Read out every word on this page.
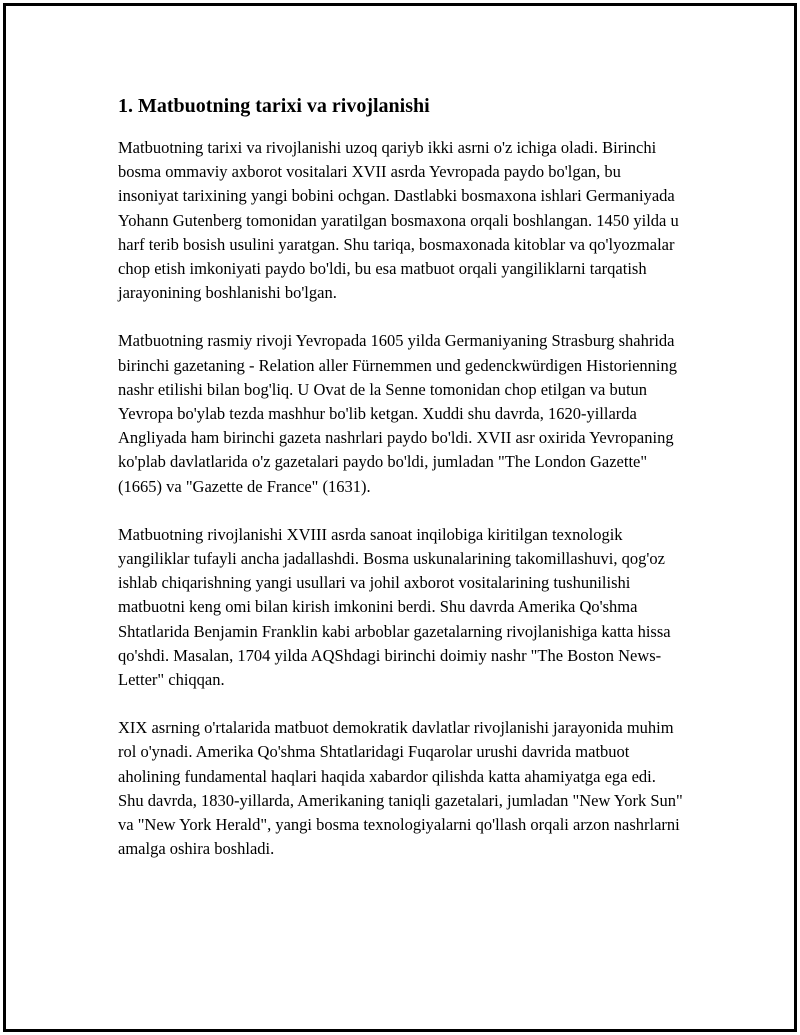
1. Matbuotning tarixi va rivojlanishi

Matbuotning tarixi va rivojlanishi uzoq qariyb ikki asrni o'z ichiga oladi. Birinchi bosma ommaviy axborot vositalari XVII asrda Yevropada paydo bo'lgan, bu insoniyat tarixining yangi bobini ochgan. Dastlabki bosmaxona ishlari Germaniyada Yohann Gutenberg tomonidan yaratilgan bosmaxona orqali boshlangan. 1450 yilda u harf terib bosish usulini yaratgan. Shu tariqa, bosmaxonada kitoblar va qo'lyozmalar chop etish imkoniyati paydo bo'ldi, bu esa matbuot orqali yangiliklarni tarqatish jarayonining boshlanishi bo'lgan.

Matbuotning rasmiy rivoji Yevropada 1605 yilda Germaniyaning Strasburg shahrida birinchi gazetaning - Relation aller Fürnemmen und gedenckwürdigen Historienning nashr etilishi bilan bog'liq. U Ovat de la Senne tomonidan chop etilgan va butun Yevropa bo'ylab tezda mashhur bo'lib ketgan. Xuddi shu davrda, 1620-yillarda Angliyada ham birinchi gazeta nashrlari paydo bo'ldi. XVII asr oxirida Yevropaning ko'plab davlatlarida o'z gazetalari paydo bo'ldi, jumladan "The London Gazette" (1665) va "Gazette de France" (1631).

Matbuotning rivojlanishi XVIII asrda sanoat inqilobiga kiritilgan texnologik yangiliklar tufayli ancha jadallashdi. Bosma uskunalarining takomillashuvi, qog'oz ishlab chiqarishning yangi usullari va johil axborot vositalarining tushunilishi matbuotni keng omi bilan kirish imkonini berdi. Shu davrda Amerika Qo'shma Shtatlarida Benjamin Franklin kabi arboblar gazetalarning rivojlanishiga katta hissa qo'shdi. Masalan, 1704 yilda AQShdagi birinchi doimiy nashr "The Boston News-Letter" chiqqan.

XIX asrning o'rtalarida matbuot demokratik davlatlar rivojlanishi jarayonida muhim rol o'ynadi. Amerika Qo'shma Shtatlaridagi Fuqarolar urushi davrida matbuot aholining fundamental haqlari haqida xabardor qilishda katta ahamiyatga ega edi. Shu davrda, 1830-yillarda, Amerikaning taniqli gazetalari, jumladan "New York Sun" va "New York Herald", yangi bosma texnologiyalarni qo'llash orqali arzon nashrlarni amalga oshira boshladi.
